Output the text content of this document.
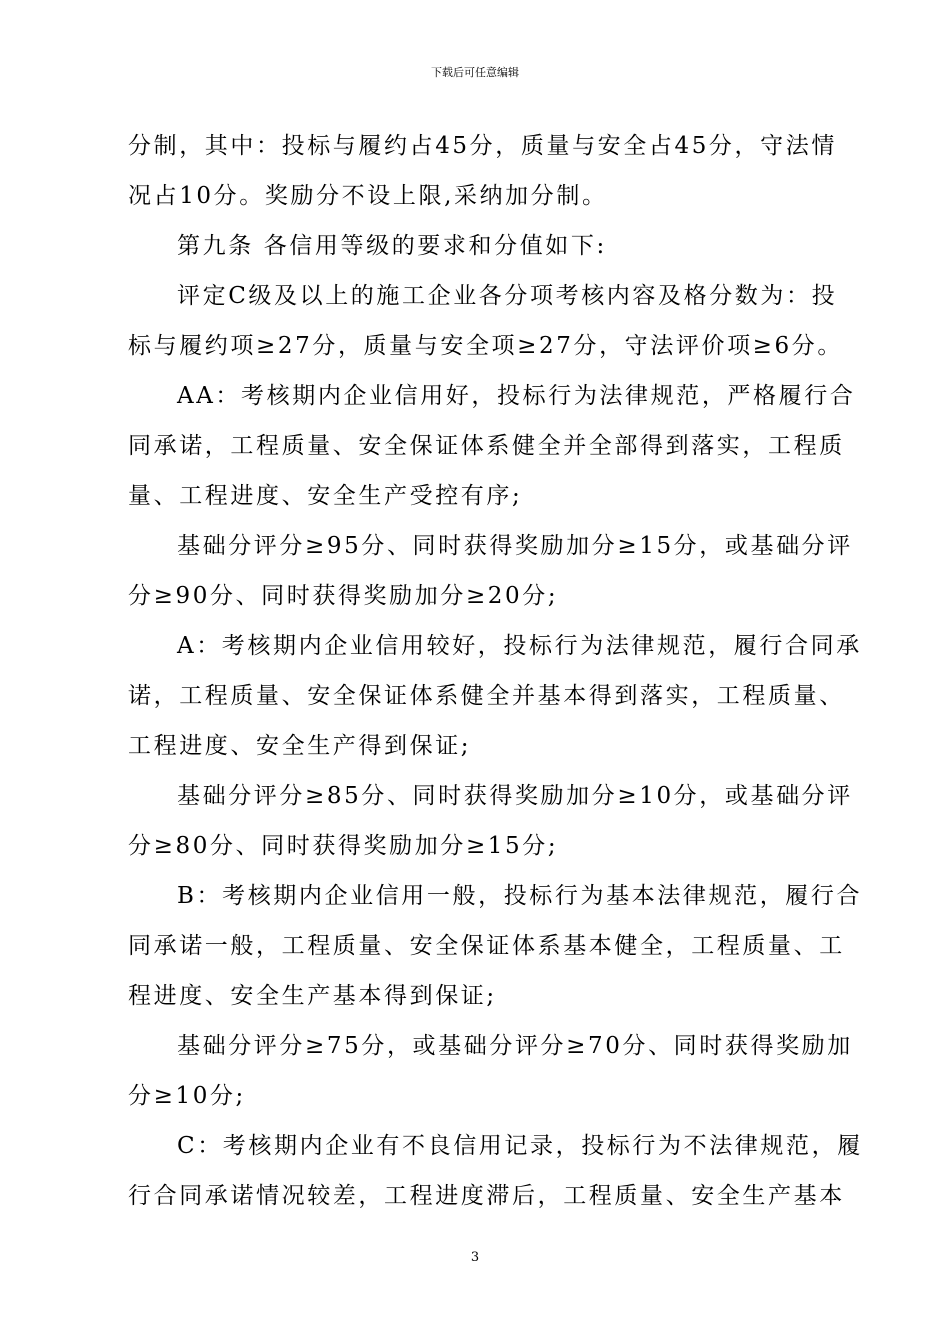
下载后可任意编辑
分制，其中：投标与履约占45分，质量与安全占45分，守法情
况占10分。奖励分不设上限,采纳加分制。
第九条 各信用等级的要求和分值如下:
评定C级及以上的施工企业各分项考核内容及格分数为：投
标与履约项≥27分，质量与安全项≥27分，守法评价项≥6分。
AA：考核期内企业信用好，投标行为法律规范，严格履行合
同承诺，工程质量、安全保证体系健全并全部得到落实，工程质
量、工程进度、安全生产受控有序;
基础分评分≥95分、同时获得奖励加分≥15分，或基础分评
分≥90分、同时获得奖励加分≥20分;
A：考核期内企业信用较好，投标行为法律规范，履行合同承
诺，工程质量、安全保证体系健全并基本得到落实，工程质量、
工程进度、安全生产得到保证;
基础分评分≥85分、同时获得奖励加分≥10分，或基础分评
分≥80分、同时获得奖励加分≥15分;
B：考核期内企业信用一般，投标行为基本法律规范，履行合
同承诺一般，工程质量、安全保证体系基本健全，工程质量、工
程进度、安全生产基本得到保证;
基础分评分≥75分，或基础分评分≥70分、同时获得奖励加
分≥10分;
C：考核期内企业有不良信用记录，投标行为不法律规范，履
行合同承诺情况较差，工程进度滞后，工程质量、安全生产基本
3
